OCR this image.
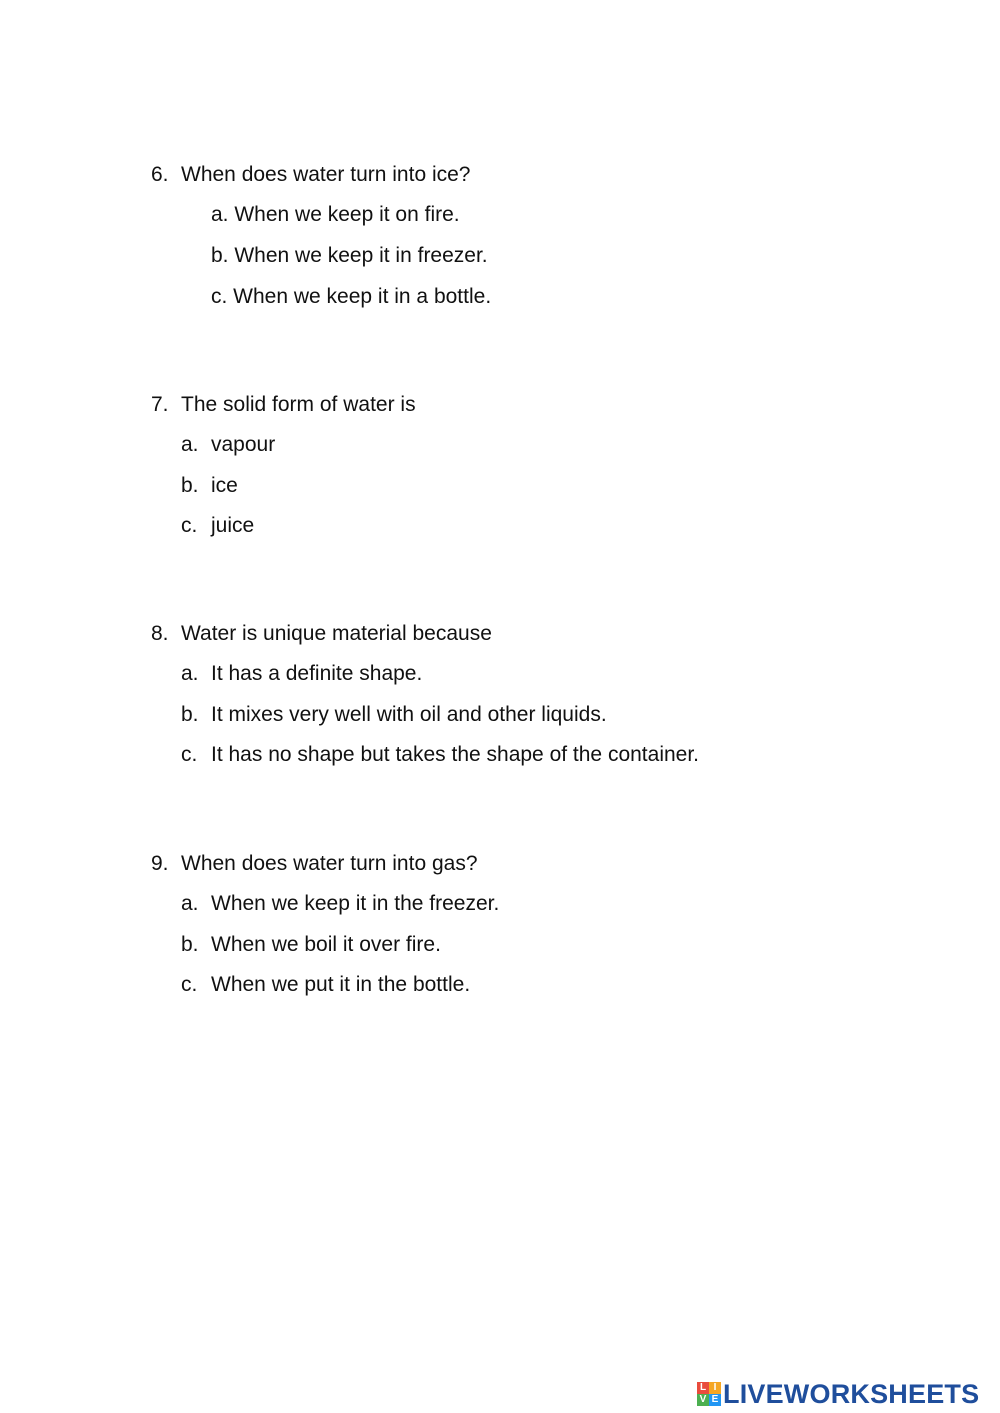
6. When does water turn into ice?
a. When we keep it on fire.
b. When we keep it in freezer.
c. When we keep it in a bottle.
7. The solid form of water is
a. vapour
b. ice
c. juice
8. Water is unique material because
a. It has a definite shape.
b. It mixes very well with oil and other liquids.
c. It has no shape but takes the shape of the container.
9. When does water turn into gas?
a. When we keep it in the freezer.
b. When we boil it over fire.
c. When we put it in the bottle.
L I
V E LIVEWORKSHEETS
